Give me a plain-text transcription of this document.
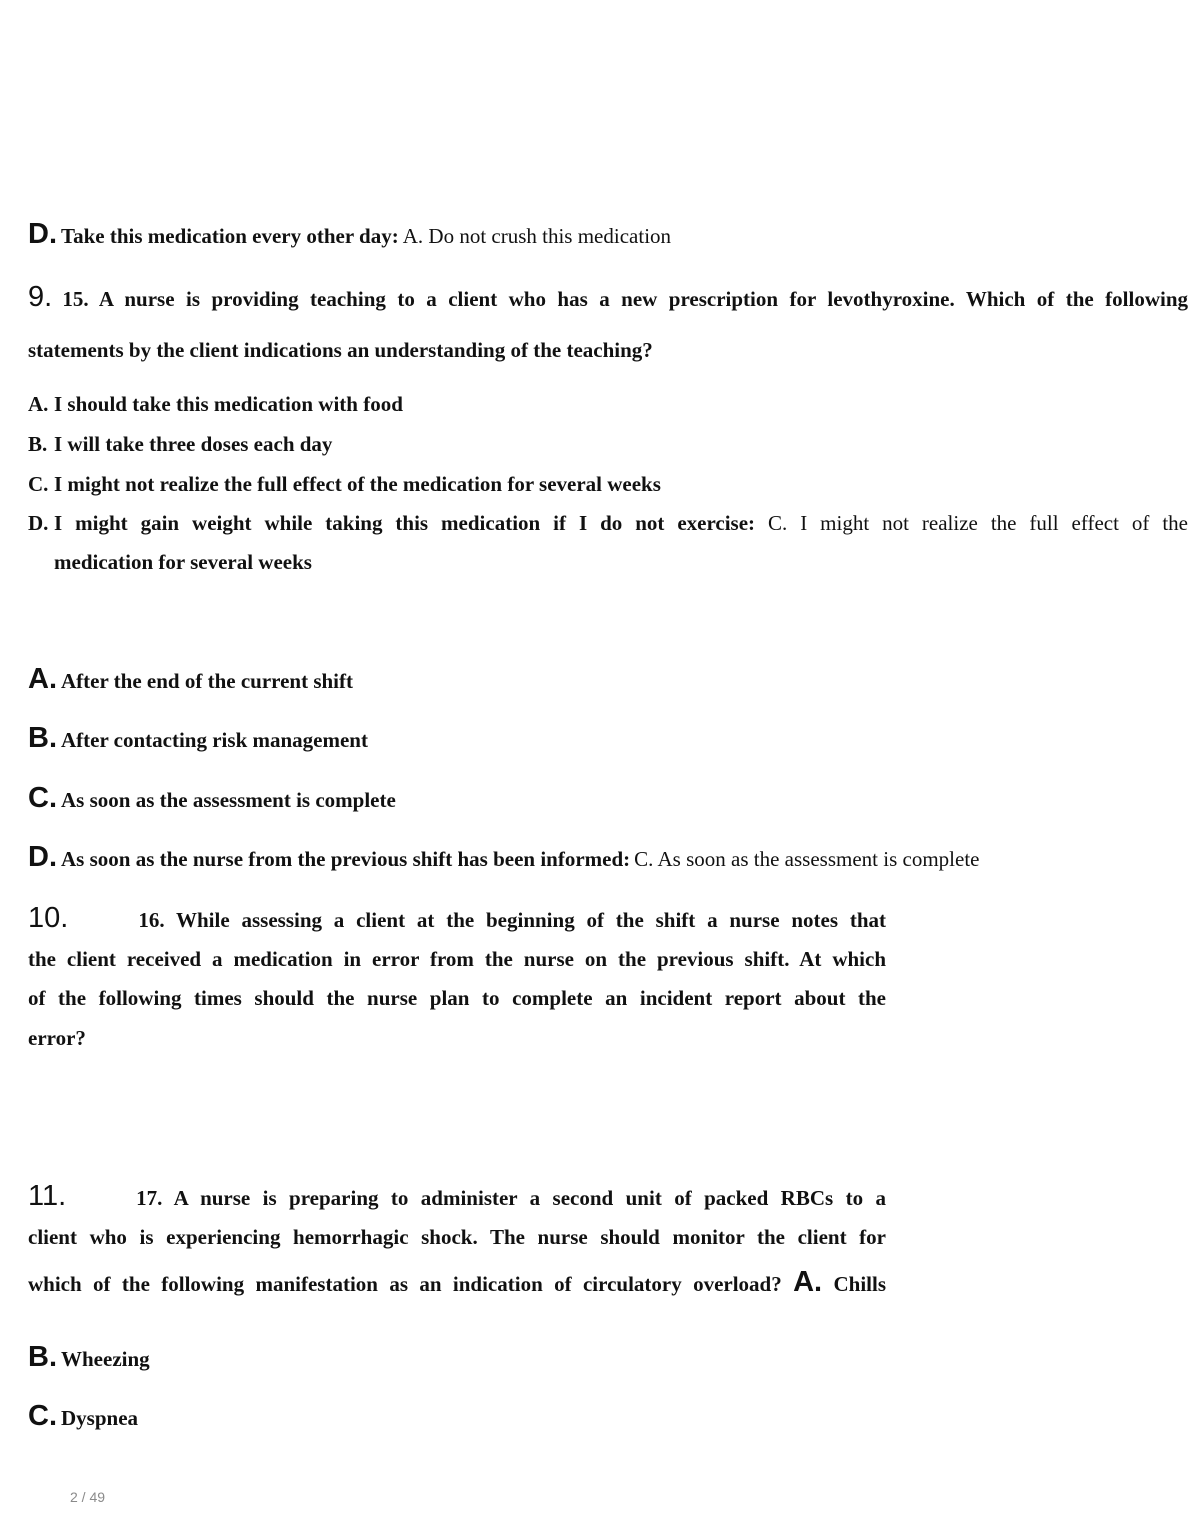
D. Take this medication every other day: A. Do not crush this medication
9. 15. A nurse is providing teaching to a client who has a new prescription for levothyroxine. Which of the following
statements by the client indications an understanding of the teaching?
A. I should take this medication with food
B. I will take three doses each day
C. I might not realize the full effect of the medication for several weeks
D. I might gain weight while taking this medication if I do not exercise: C. I might not realize the full effect of the
medication for several weeks
A. After the end of the current shift
B. After contacting risk management
C. As soon as the assessment is complete
D. As soon as the nurse from the previous shift has been informed: C. As soon as the assessment is complete
10.	16. While assessing a client at the beginning of the shift a nurse notes that
the client received a medication in error from the nurse on the previous shift. At which
of the following times should the nurse plan to complete an incident report about the
error?
11.	17. A nurse is preparing to administer a second unit of packed RBCs to a
client who is experiencing hemorrhagic shock. The nurse should monitor the client for
which of the following manifestation as an indication of circulatory overload? A. Chills
B. Wheezing
C. Dyspnea
2 / 49
